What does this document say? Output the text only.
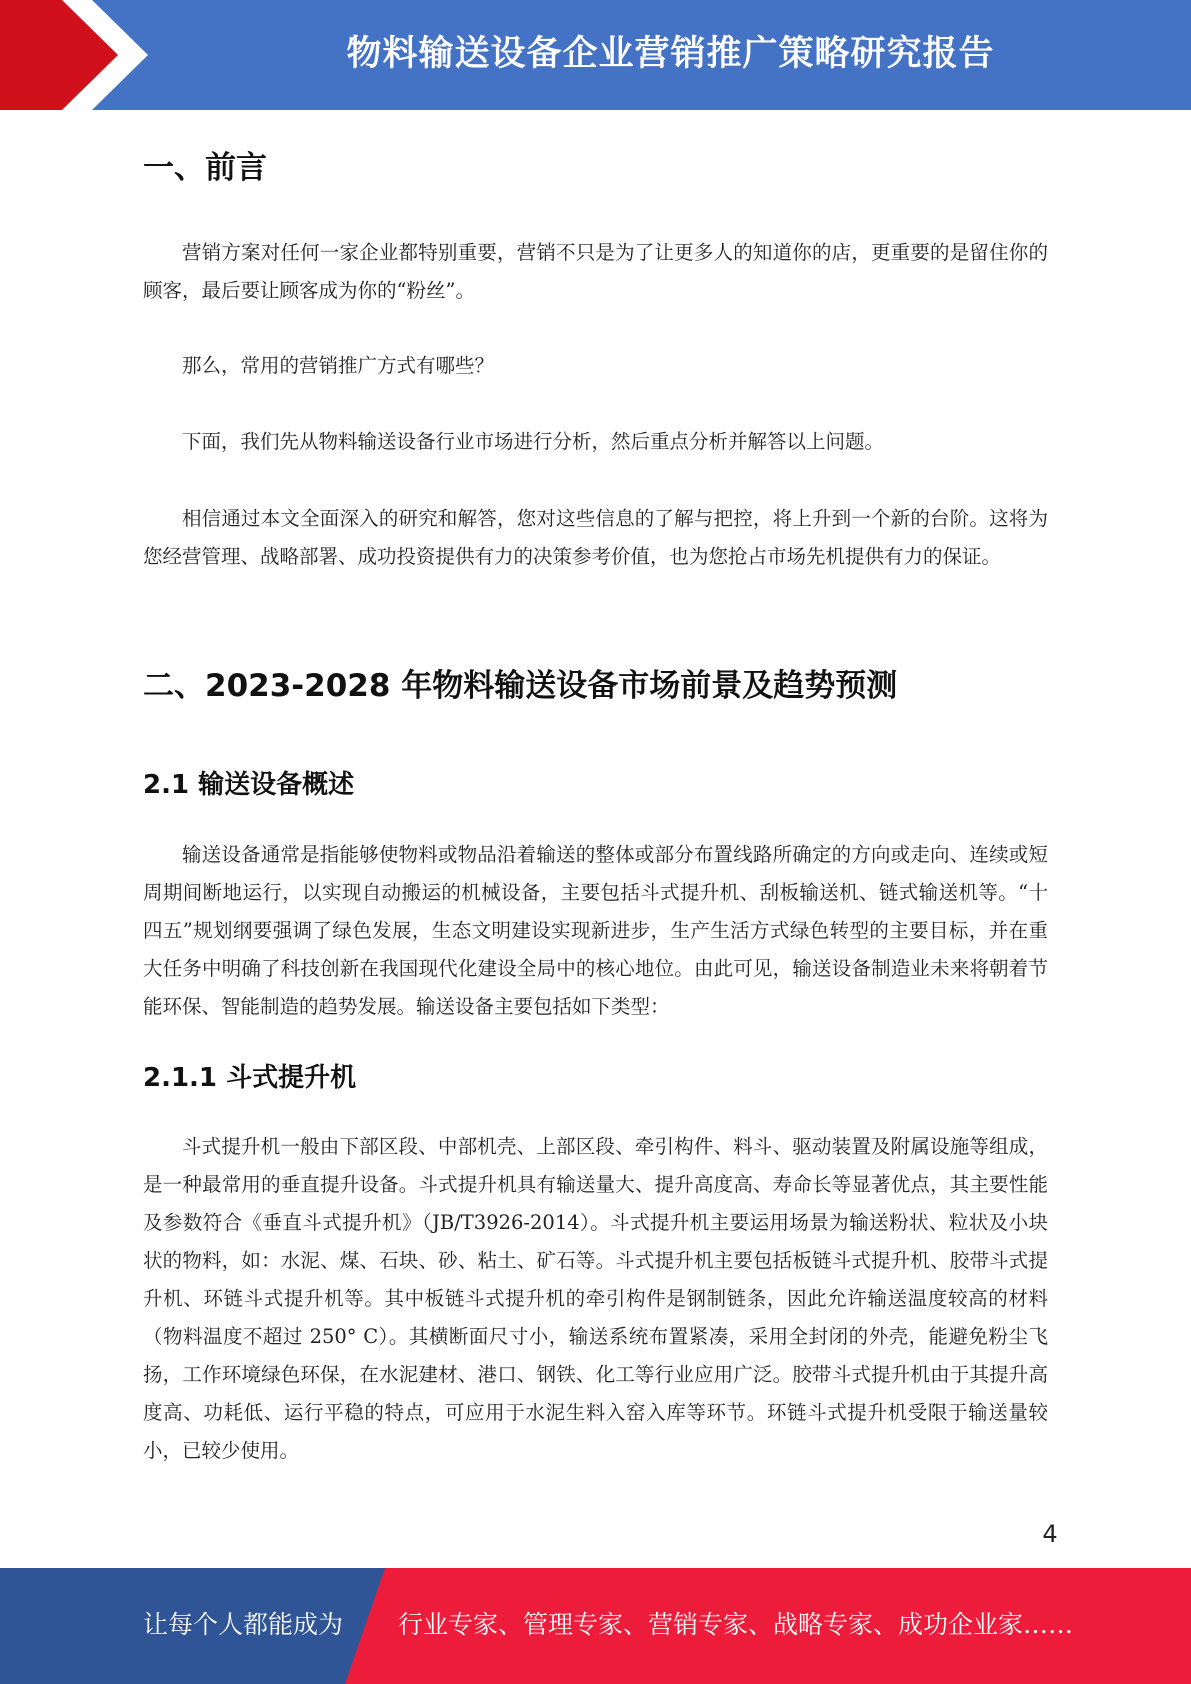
物料输送设备企业营销推广策略研究报告
一、前言

营销方案对任何一家企业都特别重要，营销不只是为了让更多人的知道你的店，更重要的是留住你的顾客，最后要让顾客成为你的“粉丝”。

那么，常用的营销推广方式有哪些？

下面，我们先从物料输送设备行业市场进行分析，然后重点分析并解答以上问题。

相信通过本文全面深入的研究和解答，您对这些信息的了解与把控，将上升到一个新的台阶。这将为您经营管理、战略部署、成功投资提供有力的决策参考价值，也为您抢占市场先机提供有力的保证。

二、2023-2028 年物料输送设备市场前景及趋势预测
2.1 输送设备概述

输送设备通常是指能够使物料或物品沿着输送的整体或部分布置线路所确定的方向或走向、连续或短周期间断地运行，以实现自动搬运的机械设备，主要包括斗式提升机、刮板输送机、链式输送机等。“十四五”规划纲要强调了绿色发展，生态文明建设实现新进步，生产生活方式绿色转型的主要目标，并在重大任务中明确了科技创新在我国现代化建设全局中的核心地位。由此可见，输送设备制造业未来将朝着节能环保、智能制造的趋势发展。输送设备主要包括如下类型：

2.1.1 斗式提升机

斗式提升机一般由下部区段、中部机壳、上部区段、牵引构件、料斗、驱动装置及附属设施等组成，是一种最常用的垂直提升设备。斗式提升机具有输送量大、提升高度高、寿命长等显著优点，其主要性能及参数符合《垂直斗式提升机》（JB/T3926-2014）。斗式提升机主要运用场景为输送粉状、粒状及小块状的物料，如：水泥、煤、石块、砂、粘土、矿石等。斗式提升机主要包括板链斗式提升机、胶带斗式提升机、环链斗式提升机等。其中板链斗式提升机的牵引构件是钢制链条，因此允许输送温度较高的材料（物料温度不超过 250° C）。其横断面尺寸小，输送系统布置紧凑，采用全封闭的外壳，能避免粉尘飞扬，工作环境绿色环保，在水泥建材、港口、钢铁、化工等行业应用广泛。胶带斗式提升机由于其提升高度高、功耗低、运行平稳的特点，可应用于水泥生料入窑入库等环节。环链斗式提升机受限于输送量较小，已较少使用。

4
让每个人都能成为 行业专家、管理专家、营销专家、战略专家、成功企业家……
